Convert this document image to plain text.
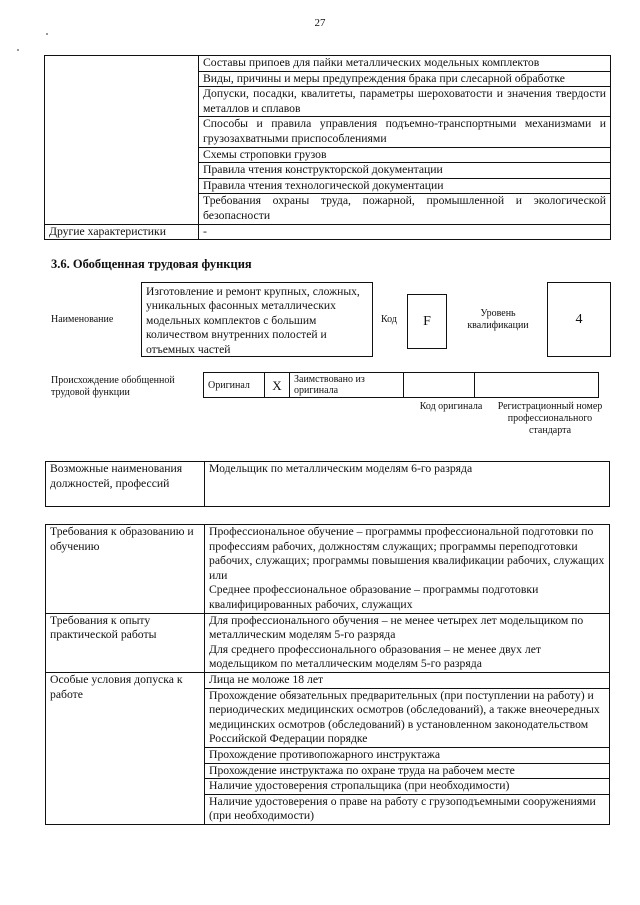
27
	Составы припоев для пайки металлических модельных комплектов
	Виды, причины и меры предупреждения брака при слесарной обработке
	Допуски, посадки, квалитеты, параметры шероховатости и значения твердости металлов и сплавов
	Способы и правила управления подъемно-транспортными механизмами и грузозахватными приспособлениями
	Схемы строповки грузов
	Правила чтения конструкторской документации
	Правила чтения технологической документации
	Требования охраны труда, пожарной, промышленной и экологической безопасности
Другие характеристики	-
3.6. Обобщенная трудовая функция
Наименование
Изготовление и ремонт крупных, сложных, уникальных фасонных металлических модельных комплектов с большим количеством внутренних полостей и отъемных частей
Код	F
Уровень квалификации	4
Происхождение обобщенной трудовой функции
Оригинал	X	Заимствовано из оригинала		
Код оригинала Регистрационный номер профессионального стандарта
Возможные наименования должностей, профессий	Модельщик по металлическим моделям 6-го разряда
Требования к образованию и обучению	Профессиональное обучение – программы профессиональной подготовки по профессиям рабочих, должностям служащих; программы переподготовки рабочих, служащих; программы повышения квалификации рабочих, служащих
или
Среднее профессиональное образование – программы подготовки квалифицированных рабочих, служащих
Требования к опыту практической работы	Для профессионального обучения – не менее четырех лет модельщиком по металлическим моделям 5-го разряда
Для среднего профессионального образования – не менее двух лет модельщиком по металлическим моделям 5-го разряда
Особые условия допуска к работе	Лица не моложе 18 лет
	Прохождение обязательных предварительных (при поступлении на работу) и периодических медицинских осмотров (обследований), а также внеочередных медицинских осмотров (обследований) в установленном законодательством Российской Федерации порядке
	Прохождение противопожарного инструктажа
	Прохождение инструктажа по охране труда на рабочем месте
	Наличие удостоверения стропальщика (при необходимости)
	Наличие удостоверения о праве на работу с грузоподъемными сооружениями (при необходимости)
